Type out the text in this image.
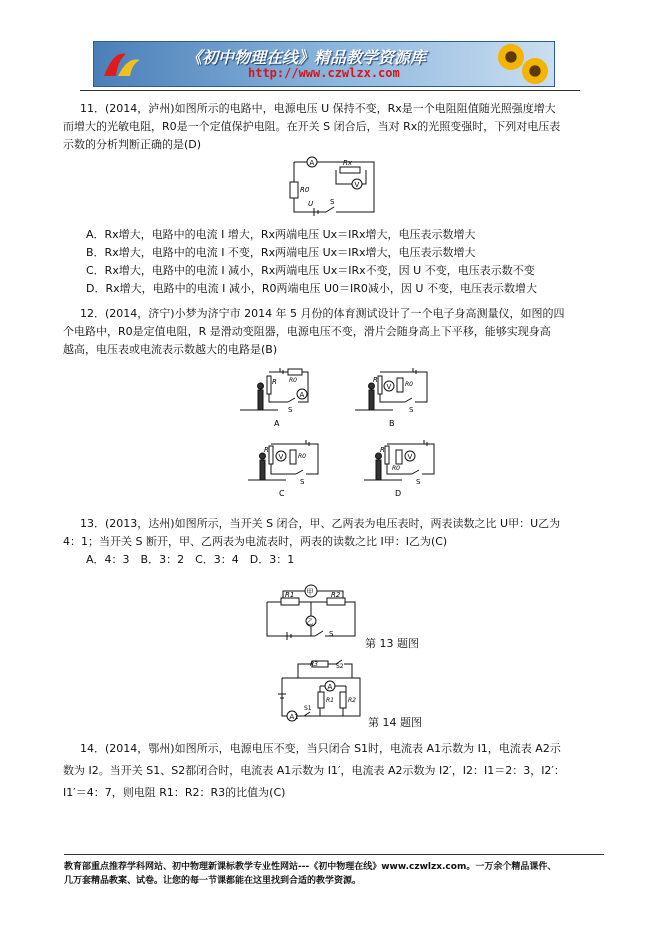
《初中物理在线》精品教学资源库
http://www.czwlzx.com
11．(2014，泸州)如图所示的电路中，电源电压 U 保持不变，Rx是一个电阻阻值随光照强度增大
而增大的光敏电阻，R0是一个定值保护电阻。在开关 S 闭合后，当对 Rx的光照变强时，下列对电压表
示数的分析判断正确的是(D)
A	Rx
V
R0
U S
A．Rx增大，电路中的电流 I 增大，Rx两端电压 Ux＝IRx增大，电压表示数增大
B．Rx增大，电路中的电流 I 不变，Rx两端电压 Ux＝IRx增大，电压表示数增大
C．Rx增大，电路中的电流 I 减小，Rx两端电压 Ux＝IRx不变，因 U 不变，电压表示数不变
D．Rx增大，电路中的电流 I 减小，R0两端电压 U0＝IR0减小，因 U 不变，电压表示数增大
12．(2014，济宁)小梦为济宁市 2014 年 5 月份的体育测试设计了一个电子身高测量仪，如图的四
个电路中，R0是定值电阻，R 是滑动变阻器，电源电压不变，滑片会随身高上下平移，能够实现身高
越高，电压表或电流表示数越大的电路是(B)
R R0
A
S
A
R
V R0
S
B
R
V R0
S
C
R
R0
V
S
D
13．(2013，达州)如图所示，当开关 S 闭合，甲、乙两表为电压表时，两表读数之比 U甲：U乙为
4：1；当开关 S 断开，甲、乙两表为电流表时，两表的读数之比 I甲：I乙为(C)
A．4：3　B．3：2　C．3：4　D．3：1
甲
R1	R2
乙
S
第 13 题图
R3	S2
A
R1 R2
A1
S1
第 14 题图
14．(2014，鄂州)如图所示，电源电压不变，当只闭合 S1时，电流表 A1示数为 I1，电流表 A2示
数为 I2。当开关 S1、S2都闭合时，电流表 A1示数为 I1′，电流表 A2示数为 I2′，I2：I1＝2：3，I2′：
I1′＝4：7，则电阻 R1：R2：R3的比值为(C)
教育部重点推荐学科网站、初中物理新课标教学专业性网站---《初中物理在线》www.czwlzx.com。一万余个精品课件、
几万套精品教案、试卷。让您的每一节课都能在这里找到合适的教学资源。
